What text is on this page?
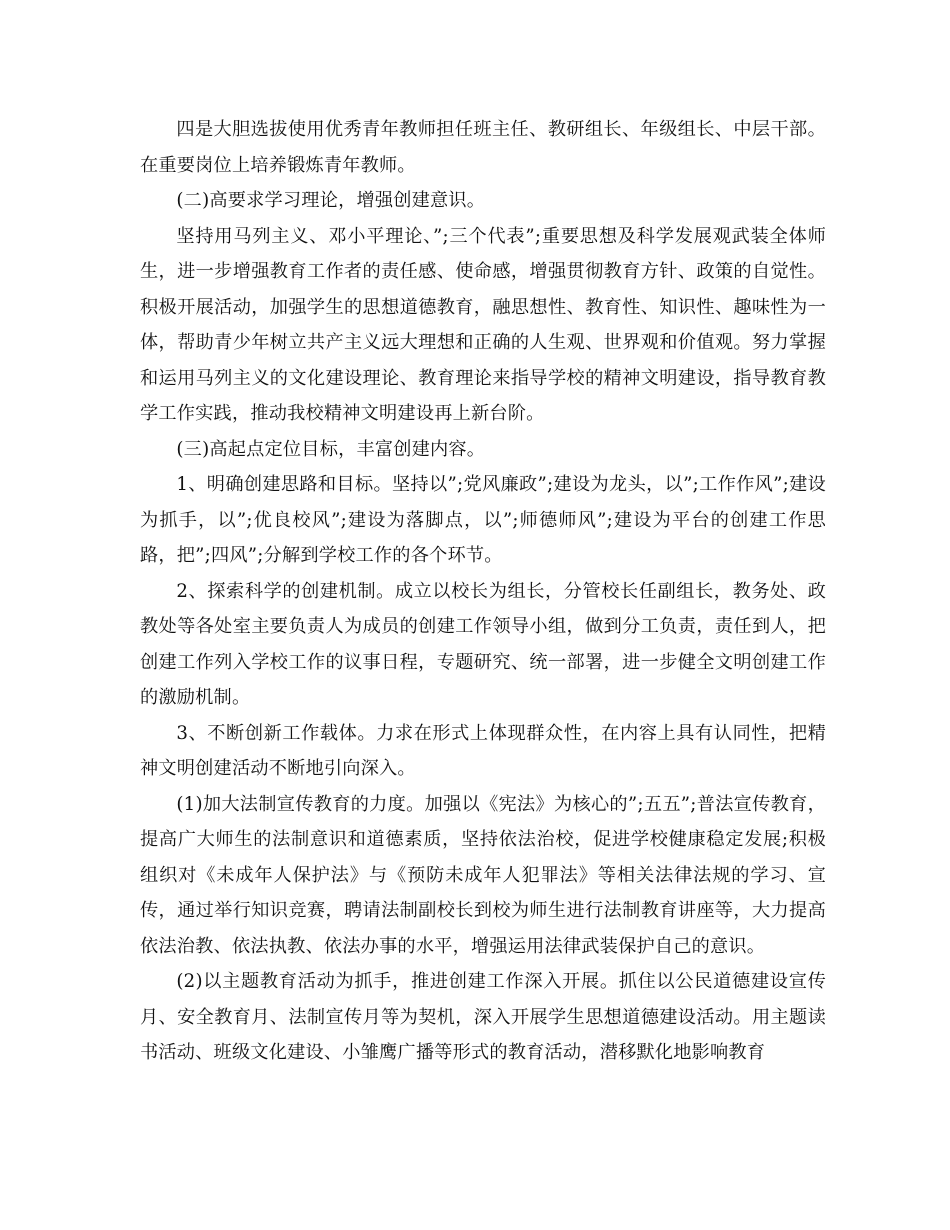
四是大胆选拔使用优秀青年教师担任班主任、教研组长、年级组长、中层干部。在重要岗位上培养锻炼青年教师。

(二)高要求学习理论，增强创建意识。

坚持用马列主义、邓小平理论、”;三个代表”;重要思想及科学发展观武装全体师生，进一步增强教育工作者的责任感、使命感，增强贯彻教育方针、政策的自觉性。积极开展活动，加强学生的思想道德教育，融思想性、教育性、知识性、趣味性为一体，帮助青少年树立共产主义远大理想和正确的人生观、世界观和价值观。努力掌握和运用马列主义的文化建设理论、教育理论来指导学校的精神文明建设，指导教育教学工作实践，推动我校精神文明建设再上新台阶。

(三)高起点定位目标，丰富创建内容。

1、明确创建思路和目标。坚持以”;党风廉政”;建设为龙头，以”;工作作风”;建设为抓手，以”;优良校风”;建设为落脚点，以”;师德师风”;建设为平台的创建工作思路，把”;四风”;分解到学校工作的各个环节。

2、探索科学的创建机制。成立以校长为组长，分管校长任副组长，教务处、政教处等各处室主要负责人为成员的创建工作领导小组，做到分工负责，责任到人，把创建工作列入学校工作的议事日程，专题研究、统一部署，进一步健全文明创建工作的激励机制。

3、不断创新工作载体。力求在形式上体现群众性，在内容上具有认同性，把精神文明创建活动不断地引向深入。

(1)加大法制宣传教育的力度。加强以《宪法》为核心的”;五五”;普法宣传教育，提高广大师生的法制意识和道德素质，坚持依法治校，促进学校健康稳定发展;积极组织对《未成年人保护法》与《预防未成年人犯罪法》等相关法律法规的学习、宣传，通过举行知识竞赛，聘请法制副校长到校为师生进行法制教育讲座等，大力提高依法治教、依法执教、依法办事的水平，增强运用法律武装保护自己的意识。

(2)以主题教育活动为抓手，推进创建工作深入开展。抓住以公民道德建设宣传月、安全教育月、法制宣传月等为契机，深入开展学生思想道德建设活动。用主题读书活动、班级文化建设、小雏鹰广播等形式的教育活动，潜移默化地影响教育
